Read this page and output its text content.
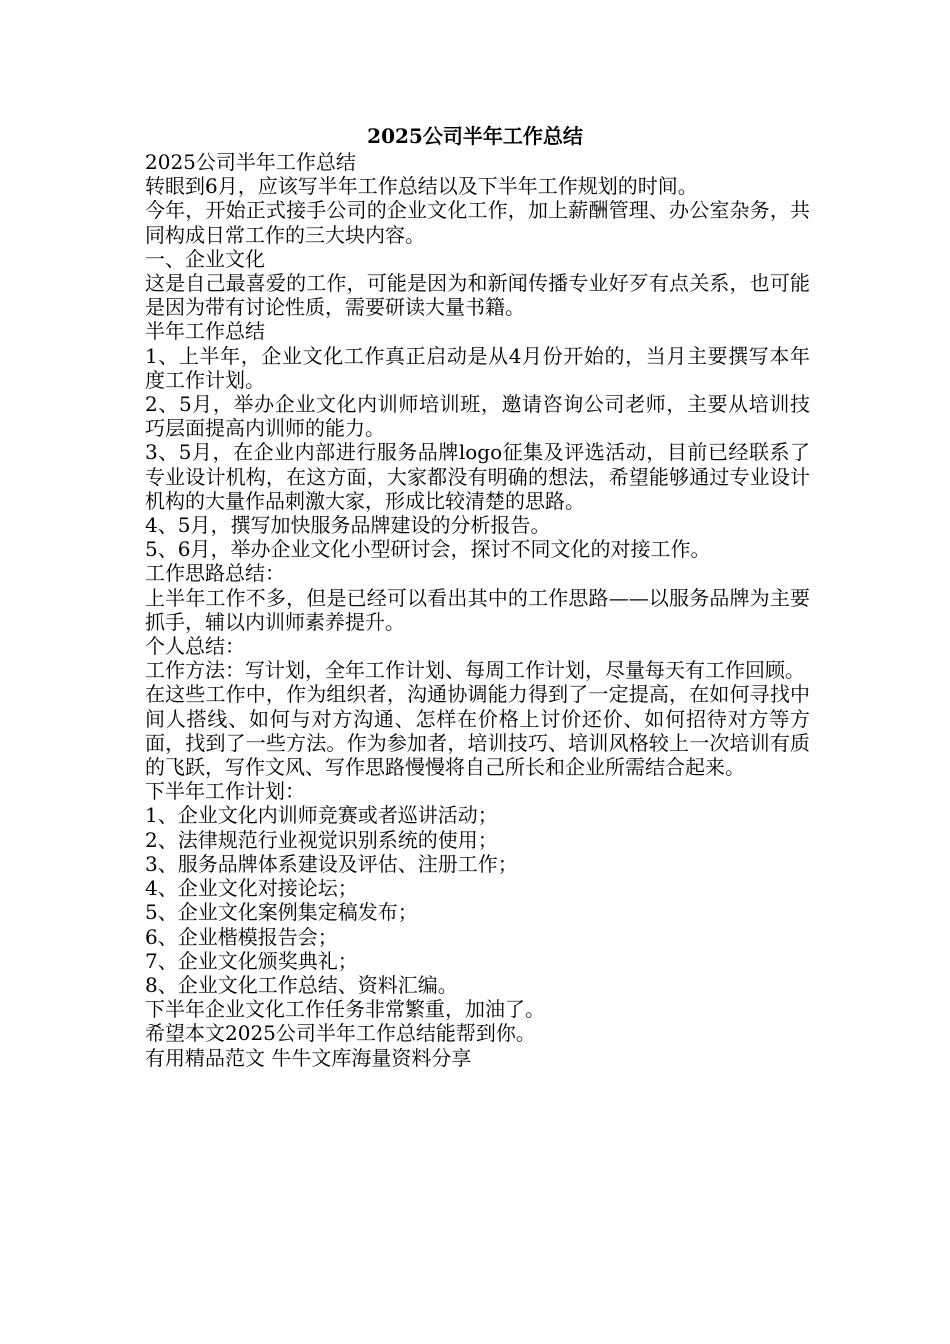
2025公司半年工作总结

2025公司半年工作总结

转眼到6月，应该写半年工作总结以及下半年工作规划的时间。

今年，开始正式接手公司的企业文化工作，加上薪酬管理、办公室杂务，共同构成日常工作的三大块内容。

一、企业文化

这是自己最喜爱的工作，可能是因为和新闻传播专业好歹有点关系，也可能是因为带有讨论性质，需要研读大量书籍。

半年工作总结

1、上半年，企业文化工作真正启动是从4月份开始的，当月主要撰写本年度工作计划。

2、5月，举办企业文化内训师培训班，邀请咨询公司老师，主要从培训技巧层面提高内训师的能力。

3、5月，在企业内部进行服务品牌logo征集及评选活动，目前已经联系了专业设计机构，在这方面，大家都没有明确的想法，希望能够通过专业设计机构的大量作品刺激大家，形成比较清楚的思路。

4、5月，撰写加快服务品牌建设的分析报告。

5、6月，举办企业文化小型研讨会，探讨不同文化的对接工作。

工作思路总结：

上半年工作不多，但是已经可以看出其中的工作思路——以服务品牌为主要抓手，辅以内训师素养提升。

个人总结：

工作方法：写计划，全年工作计划、每周工作计划，尽量每天有工作回顾。

在这些工作中，作为组织者，沟通协调能力得到了一定提高，在如何寻找中间人搭线、如何与对方沟通、怎样在价格上讨价还价、如何招待对方等方面，找到了一些方法。作为参加者，培训技巧、培训风格较上一次培训有质的飞跃，写作文风、写作思路慢慢将自己所长和企业所需结合起来。

下半年工作计划：

1、企业文化内训师竞赛或者巡讲活动；

2、法律规范行业视觉识别系统的使用；

3、服务品牌体系建设及评估、注册工作；

4、企业文化对接论坛；

5、企业文化案例集定稿发布；

6、企业楷模报告会；

7、企业文化颁奖典礼；

8、企业文化工作总结、资料汇编。

下半年企业文化工作任务非常繁重，加油了。

希望本文2025公司半年工作总结能帮到你。

有用精品范文 牛牛文库海量资料分享
